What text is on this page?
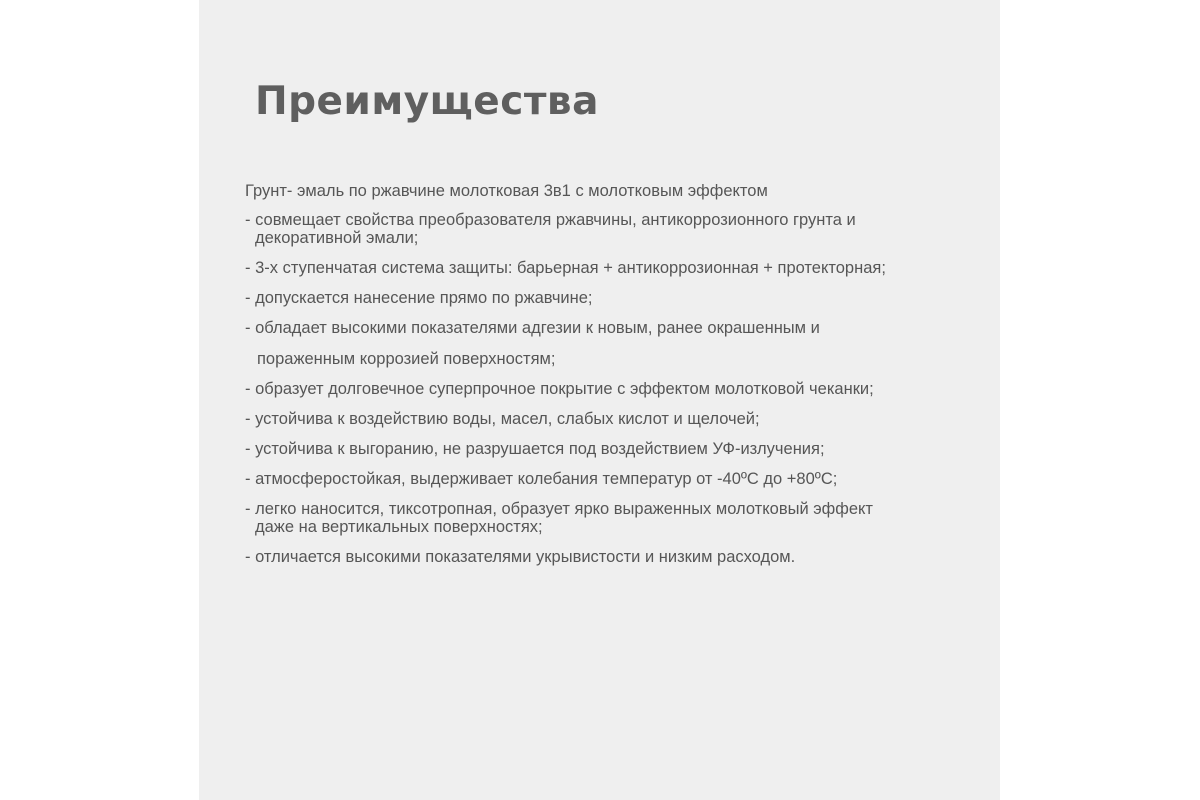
Преимущества

Грунт- эмаль по ржавчине молотковая 3в1 с молотковым эффектом

- совмещает свойства преобразователя ржавчины, антикоррозионного грунта и
декоративной эмали;
- 3-х ступенчатая система защиты: барьерная + антикоррозионная + протекторная;
- допускается нанесение прямо по ржавчине;
- обладает высокими показателями адгезии к новым, ранее окрашенным и
пораженным коррозией поверхностям;
- образует долговечное суперпрочное покрытие с эффектом молотковой чеканки;
- устойчива к воздействию воды, масел, слабых кислот и щелочей;
- устойчива к выгоранию, не разрушается под воздействием УФ-излучения;
- атмосферостойкая, выдерживает колебания температур от -40ºС до +80ºС;
- легко наносится, тиксотропная, образует ярко выраженных молотковый эффект
даже на вертикальных поверхностях;
- отличается высокими показателями укрывистости и низким расходом.
